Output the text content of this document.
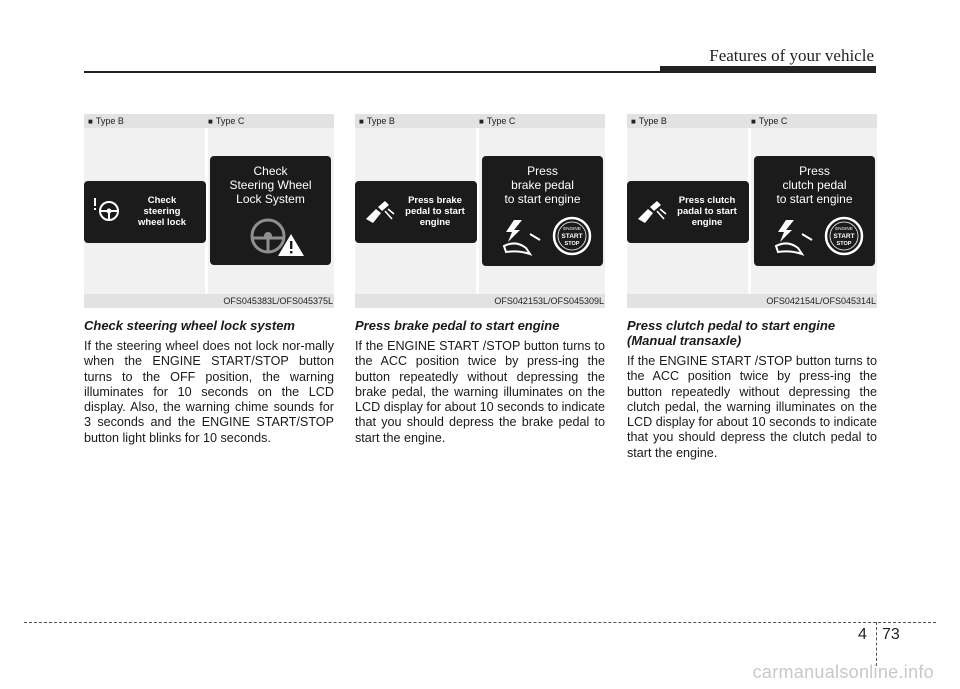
Features of your vehicle
■ Type B	■ Type C
Check
steering
wheel lock
Check
Steering Wheel
Lock System
OFS045383L/OFS045375L
Check steering wheel lock system
If the steering wheel does not lock nor-mally when the ENGINE START/STOP button turns to the OFF position, the warning illuminates for 10 seconds on the LCD display. Also, the warning chime sounds for 3 seconds and the ENGINE START/STOP button light blinks for 10 seconds.
■ Type B	■ Type C
Press brake
pedal to start
engine
Press
brake pedal
to start engine
ENGINE
START
STOP
OFS042153L/OFS045309L
Press brake pedal to start engine
If the ENGINE START /STOP button turns to the ACC position twice by press-ing the button repeatedly without depressing the brake pedal, the warning illuminates on the LCD display for about 10 seconds to indicate that you should depress the brake pedal to start the engine.
■ Type B	■ Type C
Press clutch
padal to start
engine
Press
clutch pedal
to start engine
ENGINE
START
STOP
OFS042154L/OFS045314L
Press clutch pedal to start engine (Manual transaxle)
If the ENGINE START /STOP button turns to the ACC position twice by press-ing the button repeatedly without depressing the clutch pedal, the warning illuminates on the LCD display for about 10 seconds to indicate that you should depress the clutch pedal to start the engine.
4 73
carmanualsonline.info
